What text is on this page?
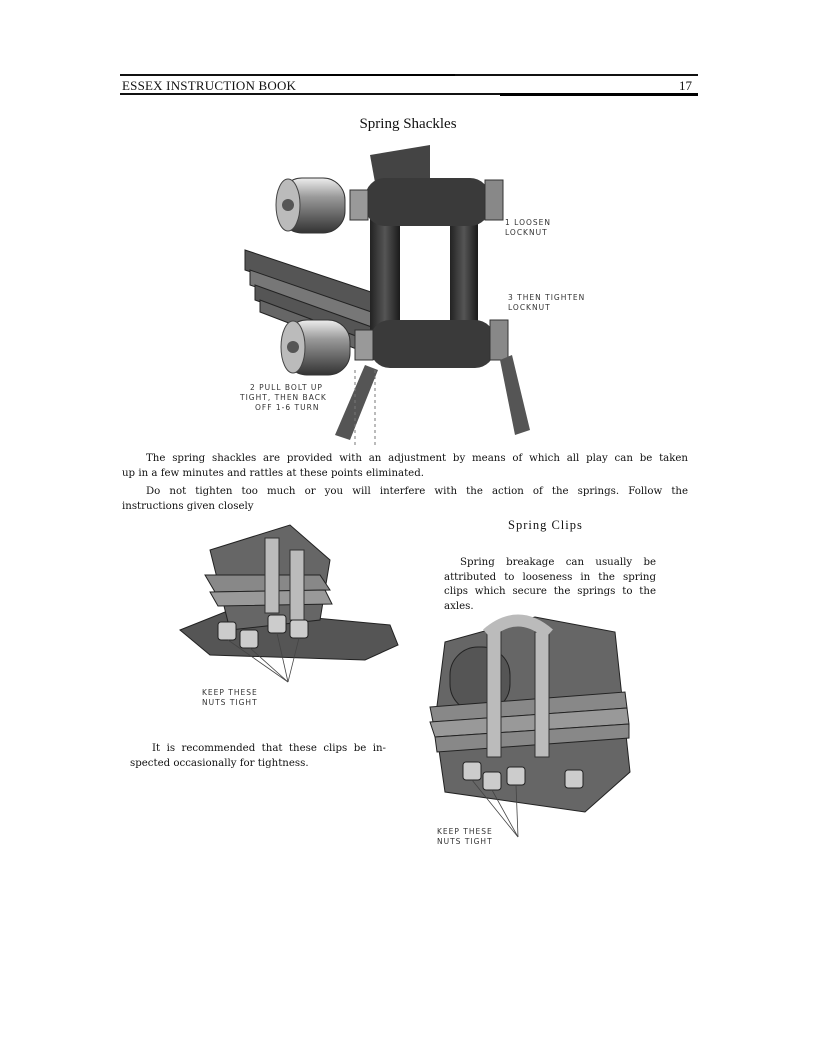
ESSEX INSTRUCTION BOOK	17
Spring Shackles
1 LOOSEN
LOCKNUT
3 THEN TIGHTEN
LOCKNUT
2 PULL BOLT UP
TIGHT, THEN BACK
OFF 1-6 TURN

The spring shackles are provided with an adjustment by means of which all play can be taken

up in a few minutes and rattles at these points eliminated.

Do not tighten too much or you will interfere with the action of the springs. Follow the

instructions given closely

Spring Clips
KEEP THESE
NUTS TIGHT

Spring breakage can usually be attributed to looseness in the spring clips which secure the springs to the axles.

It is recommended that these clips be in-spected occasionally for tightness.

KEEP THESE
NUTS TIGHT
